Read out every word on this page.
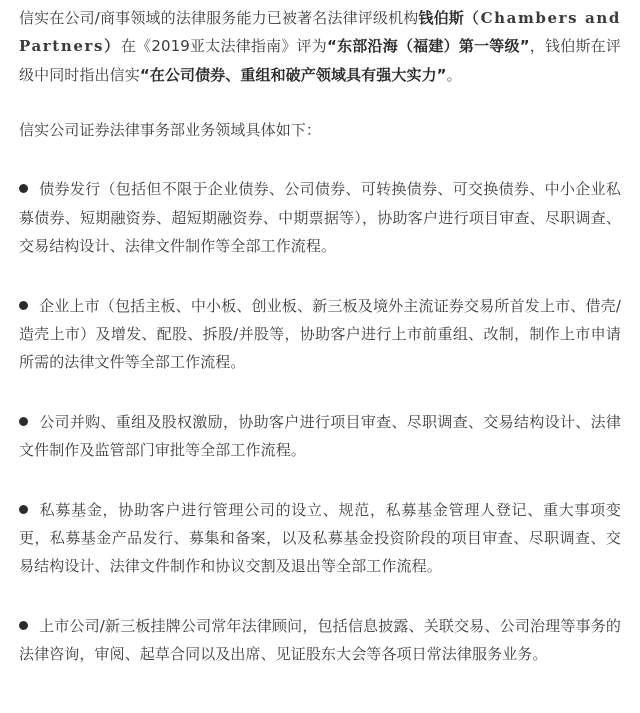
信实在公司/商事领域的法律服务能力已被著名法律评级机构钱伯斯（Chambers and Partners）在《2019亚太法律指南》评为“东部沿海（福建）第一等级”，钱伯斯在评级中同时指出信实“在公司债券、重组和破产领域具有强大实力”。

信实公司证券法律事务部业务领域具体如下：

债券发行（包括但不限于企业债券、公司债券、可转换债券、可交换债券、中小企业私募债券、短期融资券、超短期融资券、中期票据等），协助客户进行项目审查、尽职调查、交易结构设计、法律文件制作等全部工作流程。

企业上市（包括主板、中小板、创业板、新三板及境外主流证券交易所首发上市、借壳/造壳上市）及增发、配股、拆股/并股等，协助客户进行上市前重组、改制，制作上市申请所需的法律文件等全部工作流程。

公司并购、重组及股权激励，协助客户进行项目审查、尽职调查、交易结构设计、法律文件制作及监管部门审批等全部工作流程。

私募基金，协助客户进行管理公司的设立、规范，私募基金管理人登记、重大事项变更，私募基金产品发行、募集和备案，以及私募基金投资阶段的项目审查、尽职调查、交易结构设计、法律文件制作和协议交割及退出等全部工作流程。

上市公司/新三板挂牌公司常年法律顾问，包括信息披露、关联交易、公司治理等事务的法律咨询，审阅、起草合同以及出席、见证股东大会等各项日常法律服务业务。
